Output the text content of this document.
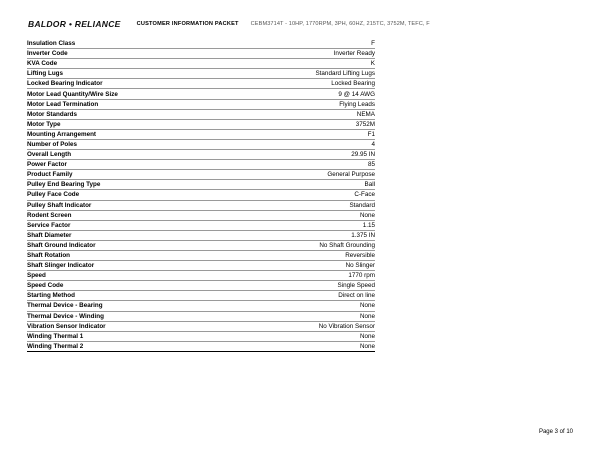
BALDOR • RELIANCE	CUSTOMER INFORMATION PACKET CEBM3714T - 10HP, 1770RPM, 3PH, 60HZ, 215TC, 3752M, TEFC, F
Insulation Class	F
Inverter Code	Inverter Ready
KVA Code	K
Lifting Lugs	Standard Lifting Lugs
Locked Bearing Indicator	Locked Bearing
Motor Lead Quantity/Wire Size	9 @ 14 AWG
Motor Lead Termination	Flying Leads
Motor Standards	NEMA
Motor Type	3752M
Mounting Arrangement	F1
Number of Poles	4
Overall Length	29.95 IN
Power Factor	85
Product Family	General Purpose
Pulley End Bearing Type	Ball
Pulley Face Code	C-Face
Pulley Shaft Indicator	Standard
Rodent Screen	None
Service Factor	1.15
Shaft Diameter	1.375 IN
Shaft Ground Indicator	No Shaft Grounding
Shaft Rotation	Reversible
Shaft Slinger Indicator	No Slinger
Speed	1770 rpm
Speed Code	Single Speed
Starting Method	Direct on line
Thermal Device - Bearing	None
Thermal Device - Winding	None
Vibration Sensor Indicator	No Vibration Sensor
Winding Thermal 1	None
Winding Thermal 2	None
Page 3 of 10
